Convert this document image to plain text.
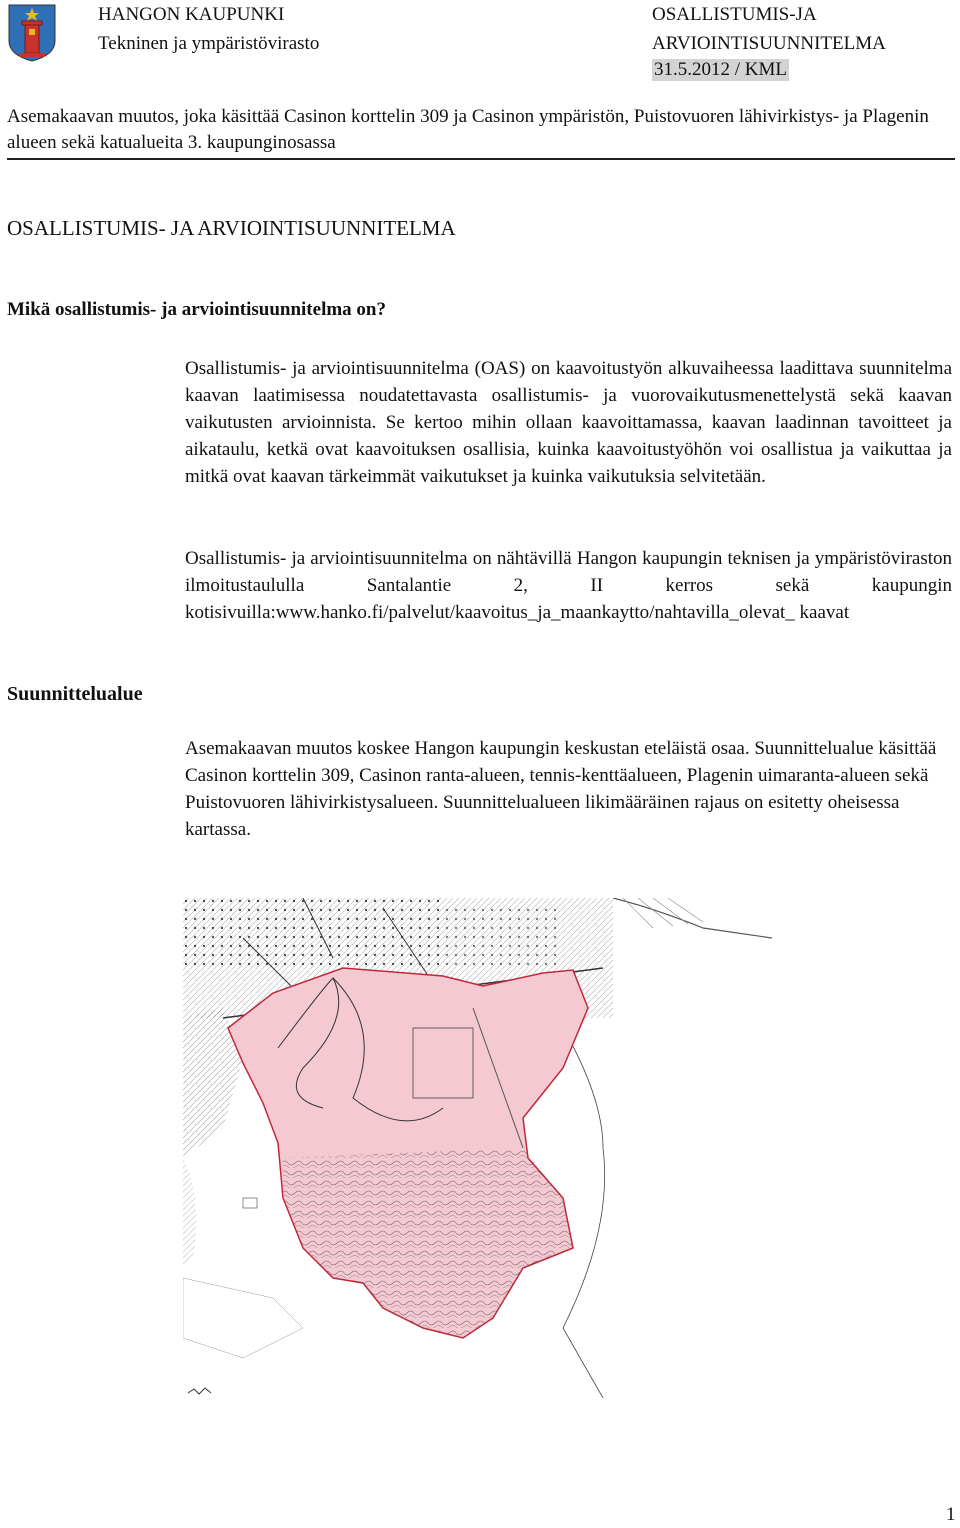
HANGON KAUPUNKI
Tekninen ja ympäristövirasto
OSALLISTUMIS-JA
ARVIOINTISUUNNITELMA
31.5.2012 / KML
Asemakaavan muutos, joka käsittää Casinon korttelin 309 ja Casinon ympäristön, Puistovuoren lähivirkistys- ja Plagenin alueen sekä katualueita 3. kaupunginosassa
OSALLISTUMIS- JA ARVIOINTISUUNNITELMA
Mikä osallistumis- ja arviointisuunnitelma on?
Osallistumis- ja arviointisuunnitelma (OAS) on kaavoitustyön alkuvaiheessa laadittava suunnitelma kaavan laatimisessa noudatettavasta osallistumis- ja vuorovaikutusmenettelystä sekä kaavan vaikutusten arvioinnista. Se kertoo mihin ollaan kaavoittamassa, kaavan laadinnan tavoitteet ja aikataulu, ketkä ovat kaavoituksen osallisia, kuinka kaavoitustyöhön voi osallistua ja vaikuttaa ja mitkä ovat kaavan tärkeimmät vaikutukset ja kuinka vaikutuksia selvitetään.
Osallistumis- ja arviointisuunnitelma on nähtävillä Hangon kaupungin teknisen ja ympäristöviraston ilmoitustaululla Santalantie 2, II kerros sekä kaupungin kotisivuilla:www.hanko.fi/palvelut/kaavoitus_ja_maankaytto/nahtavilla_olevat_ kaavat
Suunnittelualue
Asemakaavan muutos koskee Hangon kaupungin keskustan eteläistä osaa. Suunnittelualue käsittää Casinon korttelin 309, Casinon ranta-alueen, tennis-kenttäalueen, Plagenin uimaranta-alueen sekä Puistovuoren lähivirkistysalueen. Suunnittelualueen likimääräinen rajaus on esitetty oheisessa kartassa.
1
